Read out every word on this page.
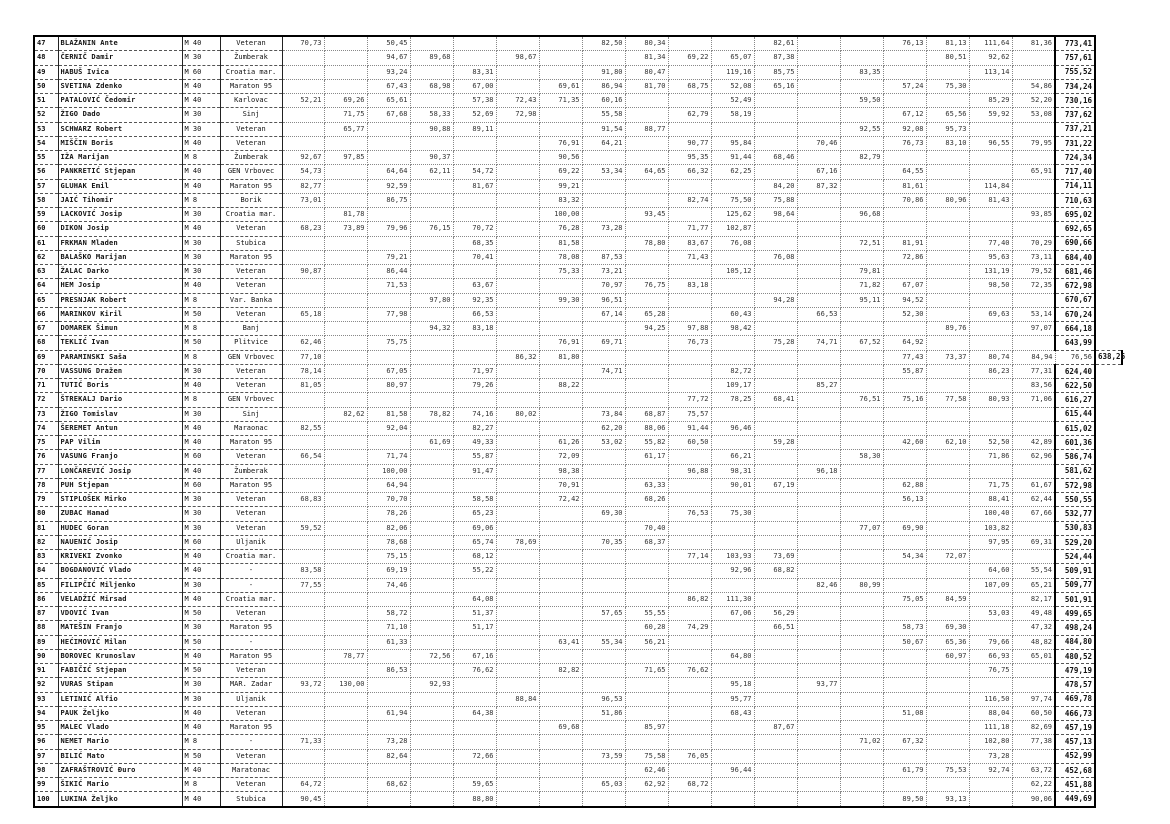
47	BLAŽANIN Ante	M 40	Veteran	70,73		50,45					82,50	80,34			82,61			76,13	81,13	111,64	81,36	773,41	
48	ČERNIČ Damir	M 30	Žumberak			94,67	89,68		98,67			81,34	69,22	65,07	87,38				80,51	92,62		757,61	
49	HABUŠ Ivica	M 60	Croatia mar.			93,24		83,31			91,80	80,47		119,16	85,75		83,35			113,14		755,52	
50	SVETINA Zdenko	M 40	Maraton 95			67,43	68,98	67,00		69,61	86,94	81,70	68,75	52,08	65,16			57,24	75,30		54,86	734,24	
51	PATALOVIĆ Čedomir	M 40	Karlovac	52,21	69,26	65,61		57,38	72,43	71,35	60,16			52,49			59,50			85,29	52,20	730,16	
52	ŽIGO Dado	M 30	Sinj		71,75	67,68	58,33	52,69	72,98		55,58		62,79	58,19				67,12	65,56	59,92	53,08	737,62	
53	SCHWARZ Robert	M 30	Veteran		65,77		90,88	89,11			91,54	88,77					92,55	92,08	95,73			737,21	
54	MIŠČIN Boris	M 40	Veteran							76,91	64,21		90,77	95,84		70,46		76,73	83,10	96,55	79,95	731,22	
55	IŽA Marijan	M 8	Žumberak	92,67	97,85		90,37			90,56			95,35	91,44	68,46		82,79					724,34	
56	PANKRETIĆ Stjepan	M 40	GEN Vrbovec	54,73		64,64	62,11	54,72		69,22	53,34	64,65	66,32	62,25		67,16		64,55			65,91	717,40	
57	GLUHAK Emil	M 40	Maraton 95	82,77		92,59		81,67		99,21					84,20	87,32		81,61		114,84		714,11	
58	JAIĆ Tihomir	M 8	Borik	73,01		86,75				83,32			82,74	75,50	75,88			70,86	80,96	81,43		710,63	
59	LACKOVIĆ Josip	M 30	Croatia mar.		81,78					100,00		93,45		125,62	98,64		96,68				93,85	695,02	
60	DIKON Josip	M 40	Veteran	68,23	73,89	79,96	76,15	70,72		76,28	73,28		71,77	102,87								692,65	
61	FRKMAN Mladen	M 30	Stubica					68,35		81,58		78,80	83,67	76,08			72,51	81,91		77,40	70,29	690,66	
62	BALAŠKO Marijan	M 30	Maraton 95			79,21		70,41		78,08	87,53		71,43		76,08			72,86		95,63	73,11	684,40	
63	ŽALAC Darko	M 30	Veteran	90,87		86,44				75,33	73,21			105,12			79,81			131,19	79,52	681,46	
64	HEM Josip	M 40	Veteran			71,53		63,67			70,97	76,75	83,18				71,82	67,07		98,50	72,35	672,98	
65	PRESNJAK Robert	M 8	Var. Banka				97,80	92,35		99,30	96,51				94,28		95,11	94,52				670,67	
66	MARINKOV Kiril	M 50	Veteran	65,18		77,98		66,53			67,14	65,28		60,43		66,53		52,30		69,63	53,14	670,24	
67	DOMAREK Šimun	M 8	Banj				94,32	83,18				94,25	97,88	98,42					89,76		97,07	664,18	
68	TEKLIĆ Ivan	M 50	Plitvice	62,46		75,75				76,91	69,71		76,73		75,28	74,71	67,52	64,92				643,99	
69	PARAMINSKI Saša	M 8	GEN Vrbovec	77,10					86,32	81,80								77,43	73,37	80,74	84,94	76,56	638,26
70	VASSUNG Dražen	M 30	Veteran	78,14		67,05		71,97			74,71			82,72				55,87		86,23	77,31	624,40	
71	TUTIĆ Boris	M 40	Veteran	81,05		80,97		79,26		88,22				109,17		85,27					83,56	622,50	
72	ŠTREKALJ Dario	M 8	GEN Vrbovec										77,72	78,25	68,41		76,51	75,16	77,58	80,93	71,06	616,27	
73	ŽIGO Tomislav	M 30	Sinj		82,62	81,58	78,82	74,16	80,02		73,84	68,87	75,57									615,44	
74	ŠEREMET Antun	M 40	Maraonac	82,55		92,04		82,27			62,20	88,06	91,44	96,46								615,02	
75	PAP Vilim	M 40	Maraton 95				61,69	49,33		61,26	53,02	55,82	60,50		59,28			42,60	62,10	52,50	42,89	601,36	
76	VASUNG Franjo	M 60	Veteran	66,54		71,74		55,87		72,09		61,17		66,21			58,30			71,86	62,96	586,74	
77	LONČAREVIĆ Josip	M 40	Žumberak			100,00		91,47		98,38			96,88	98,31		96,18						581,62	
78	PUH Stjepan	M 60	Maraton 95			64,94				70,91		63,33		90,01	67,19			62,88		71,75	61,67	572,98	
79	STIPLOŠEK Mirko	M 30	Veteran	68,83		70,70		58,58		72,42		68,26						56,13		88,41	62,44	550,55	
80	ZUBAC Hamad	M 30	Veteran			78,26		65,23			69,30		76,53	75,30						100,40	67,66	532,77	
81	HUDEC Goran	M 30	Veteran	59,52		82,06		69,06				70,40					77,07	69,90		103,82		530,83	
82	NAUENIĆ Josip	M 60	Uljanik			78,68		65,74	78,69		70,35	68,37								97,95	69,31	529,20	
83	KRIVEKI Zvonko	M 40	Croatia mar.			75,15		68,12					77,14	103,93	73,69			54,34	72,07			524,44	
84	BOGDANOVIĆ Vlado	M 40	-	83,58		69,19		55,22						92,96	68,82					64,60	55,54	509,91	
85	FILIPČIĆ Miljenko	M 30	-	77,55		74,46										82,46	80,99			107,09	65,21	509,77	
86	VELADŽIĆ Mirsad	M 40	Croatia mar.					64,08					86,82	111,30				75,05	84,59		82,17	501,91	
87	VDOVIĆ Ivan	M 50	Veteran			58,72		51,37			57,65	55,55		67,06	56,29					53,03	49,48	499,65	
88	MATEŠIN Franjo	M 30	Maraton 95			71,10		51,17				60,28	74,29		66,51			58,73	69,30		47,32	498,24	
89	HEĆIMOVIĆ Milan	M 50	-			61,33				63,41	55,34	56,21						50,67	65,36	79,66	48,82	484,80	
90	BOROVEC Krunoslav	M 40	Maraton 95		78,77		72,56	67,16						64,80					60,97	66,93	65,01	480,52	
91	FABIČIĆ Stjepan	M 50	Veteran			86,53		76,62		82,82		71,65	76,62							76,75		479,19	
92	VURAS Stipan	M 30	MAR. Zadar	93,72	130,00		92,93							95,18		93,77						478,57	
93	LETINIĆ Alfio	M 30	Uljanik						88,84		96,53			95,77						116,50	97,74	469,78	
94	PAUK Željko	M 40	Veteran			61,94		64,38			51,86			68,43				51,08		88,04	60,50	466,73	
95	MALEC Vlado	M 40	Maraton 95							69,68		85,97			87,67					111,18	82,69	457,19	
96	NEMET Mario	M 8	-	71,33		73,28											71,02	67,32		102,80	77,38	457,13	
97	BILIĆ Mato	M 50	Veteran			82,64		72,66			73,59	75,58	76,05							73,28		452,99	
98	ZAFRAŠTROVIĆ Đuro	M 40	Maratonac									62,46		96,44				61,79	75,53	92,74	63,72	452,68	
99	ŠIKIĆ Mario	M 8	Veteran	64,72		68,62		59,65			65,03	62,92	68,72								62,22	451,88	
100	LUKINA Željko	M 40	Stubica	90,45				88,80										89,50	93,13		90,06	449,69	
